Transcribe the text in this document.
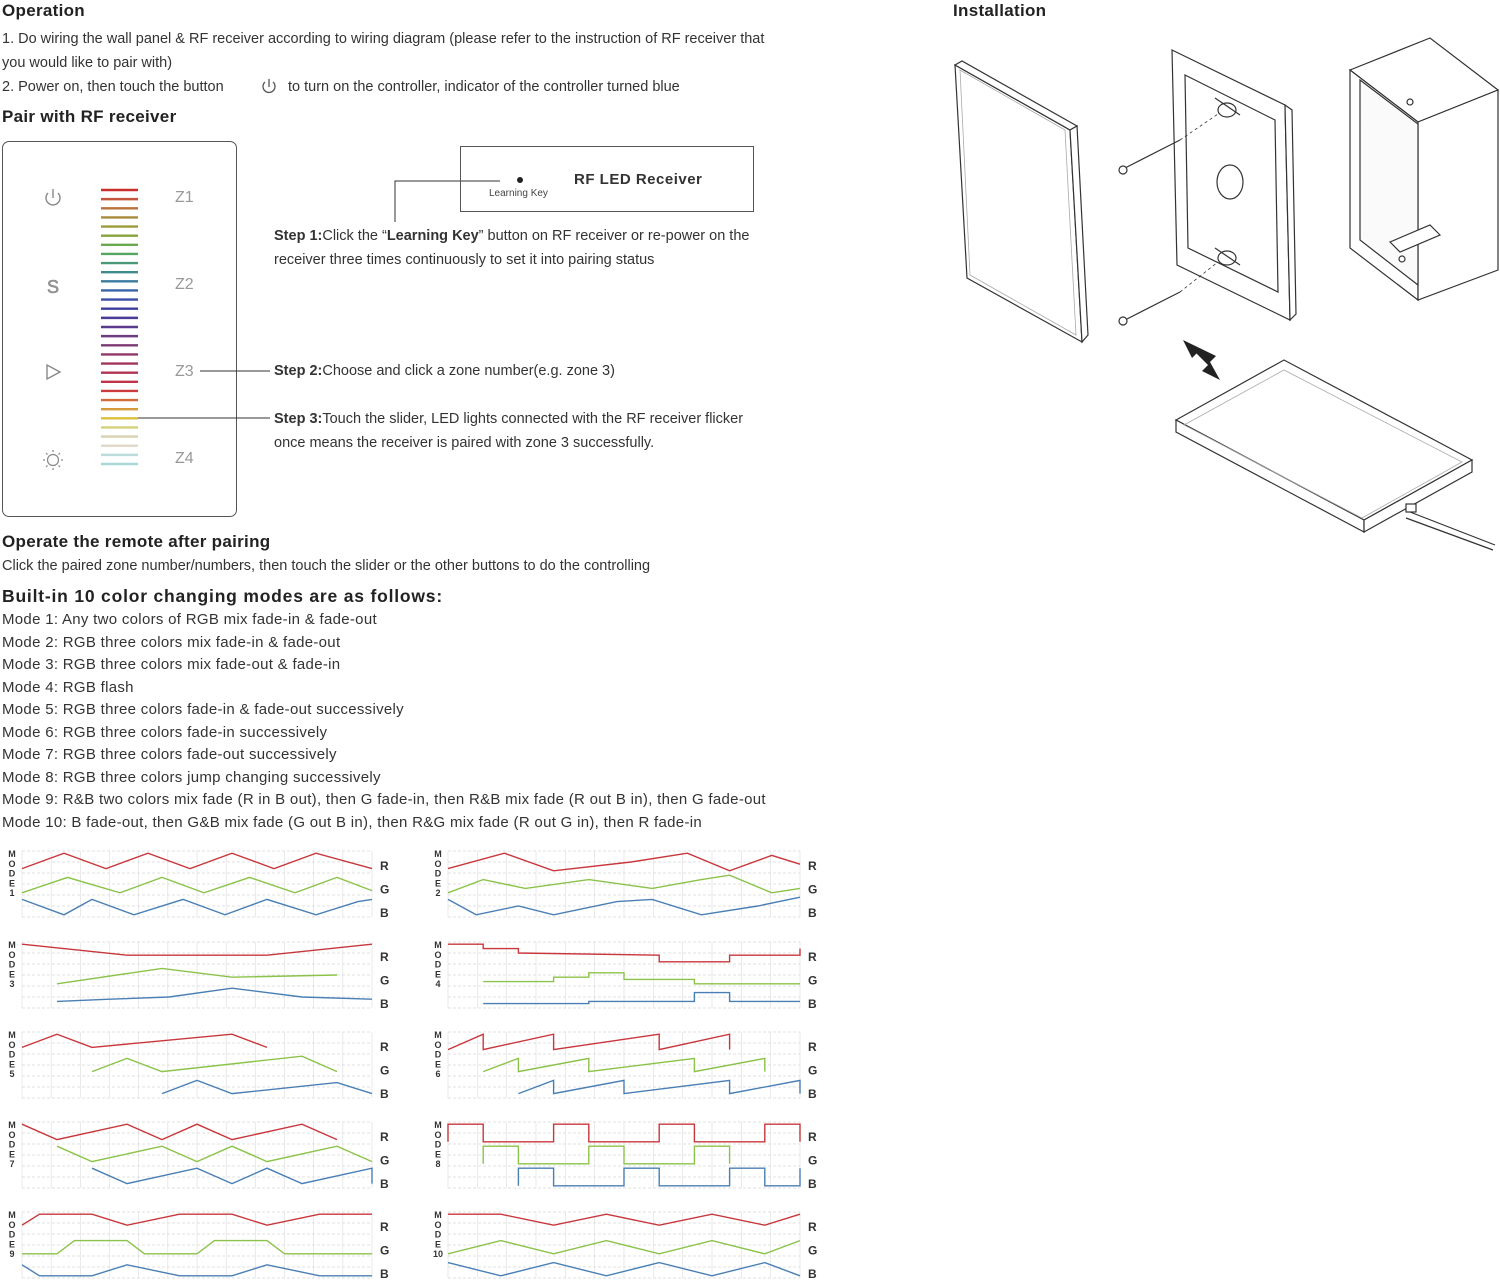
Operation
1. Do wiring the wall panel & RF receiver according to wiring diagram (please refer to the instruction of RF receiver that
you would like to pair with)
2. Power on, then touch the button	to turn on the controller, indicator of the controller turned blue
Pair with RF receiver
S
Z1
Z2
Z3
Z4
Learning Key
RF LED Receiver
Step 1:Click the “Learning Key” button on RF receiver or re-power on the
receiver three times continuously to set it into pairing status
Step 2:Choose and click a zone number(e.g. zone 3)
Step 3:Touch the slider, LED lights connected with the RF receiver flicker
once means the receiver is paired with zone 3 successfully.
Installation
Operate the remote after pairing
Click the paired zone number/numbers, then touch the slider or the other buttons to do the controlling
Built-in 10 color changing modes are as follows:
Mode 1: Any two colors of RGB mix fade-in & fade-out
Mode 2: RGB three colors mix fade-in & fade-out
Mode 3: RGB three colors mix fade-out & fade-in
Mode 4: RGB flash
Mode 5: RGB three colors fade-in & fade-out successively
Mode 6: RGB three colors fade-in successively
Mode 7: RGB three colors fade-out successively
Mode 8: RGB three colors jump changing successively
Mode 9: R&B two colors mix fade (R in B out), then G fade-in, then R&B mix fade (R out B in), then G fade-out
Mode 10: B fade-out, then G&B mix fade (G out B in), then R&G mix fade (R out G in), then R fade-in
R
G
B
M
O
D
E
1
R
G
B
M
O
D
E
2
R
G
B
M
O
D
E
3
R
G
B
M
O
D
E
4
R
G
B
M
O
D
E
5
R
G
B
M
O
D
E
6
R
G
B
M
O
D
E
7
R
G
B
M
O
D
E
8
R
G
B
M
O
D
E
9
R
G
B
M
O
D
E
10
